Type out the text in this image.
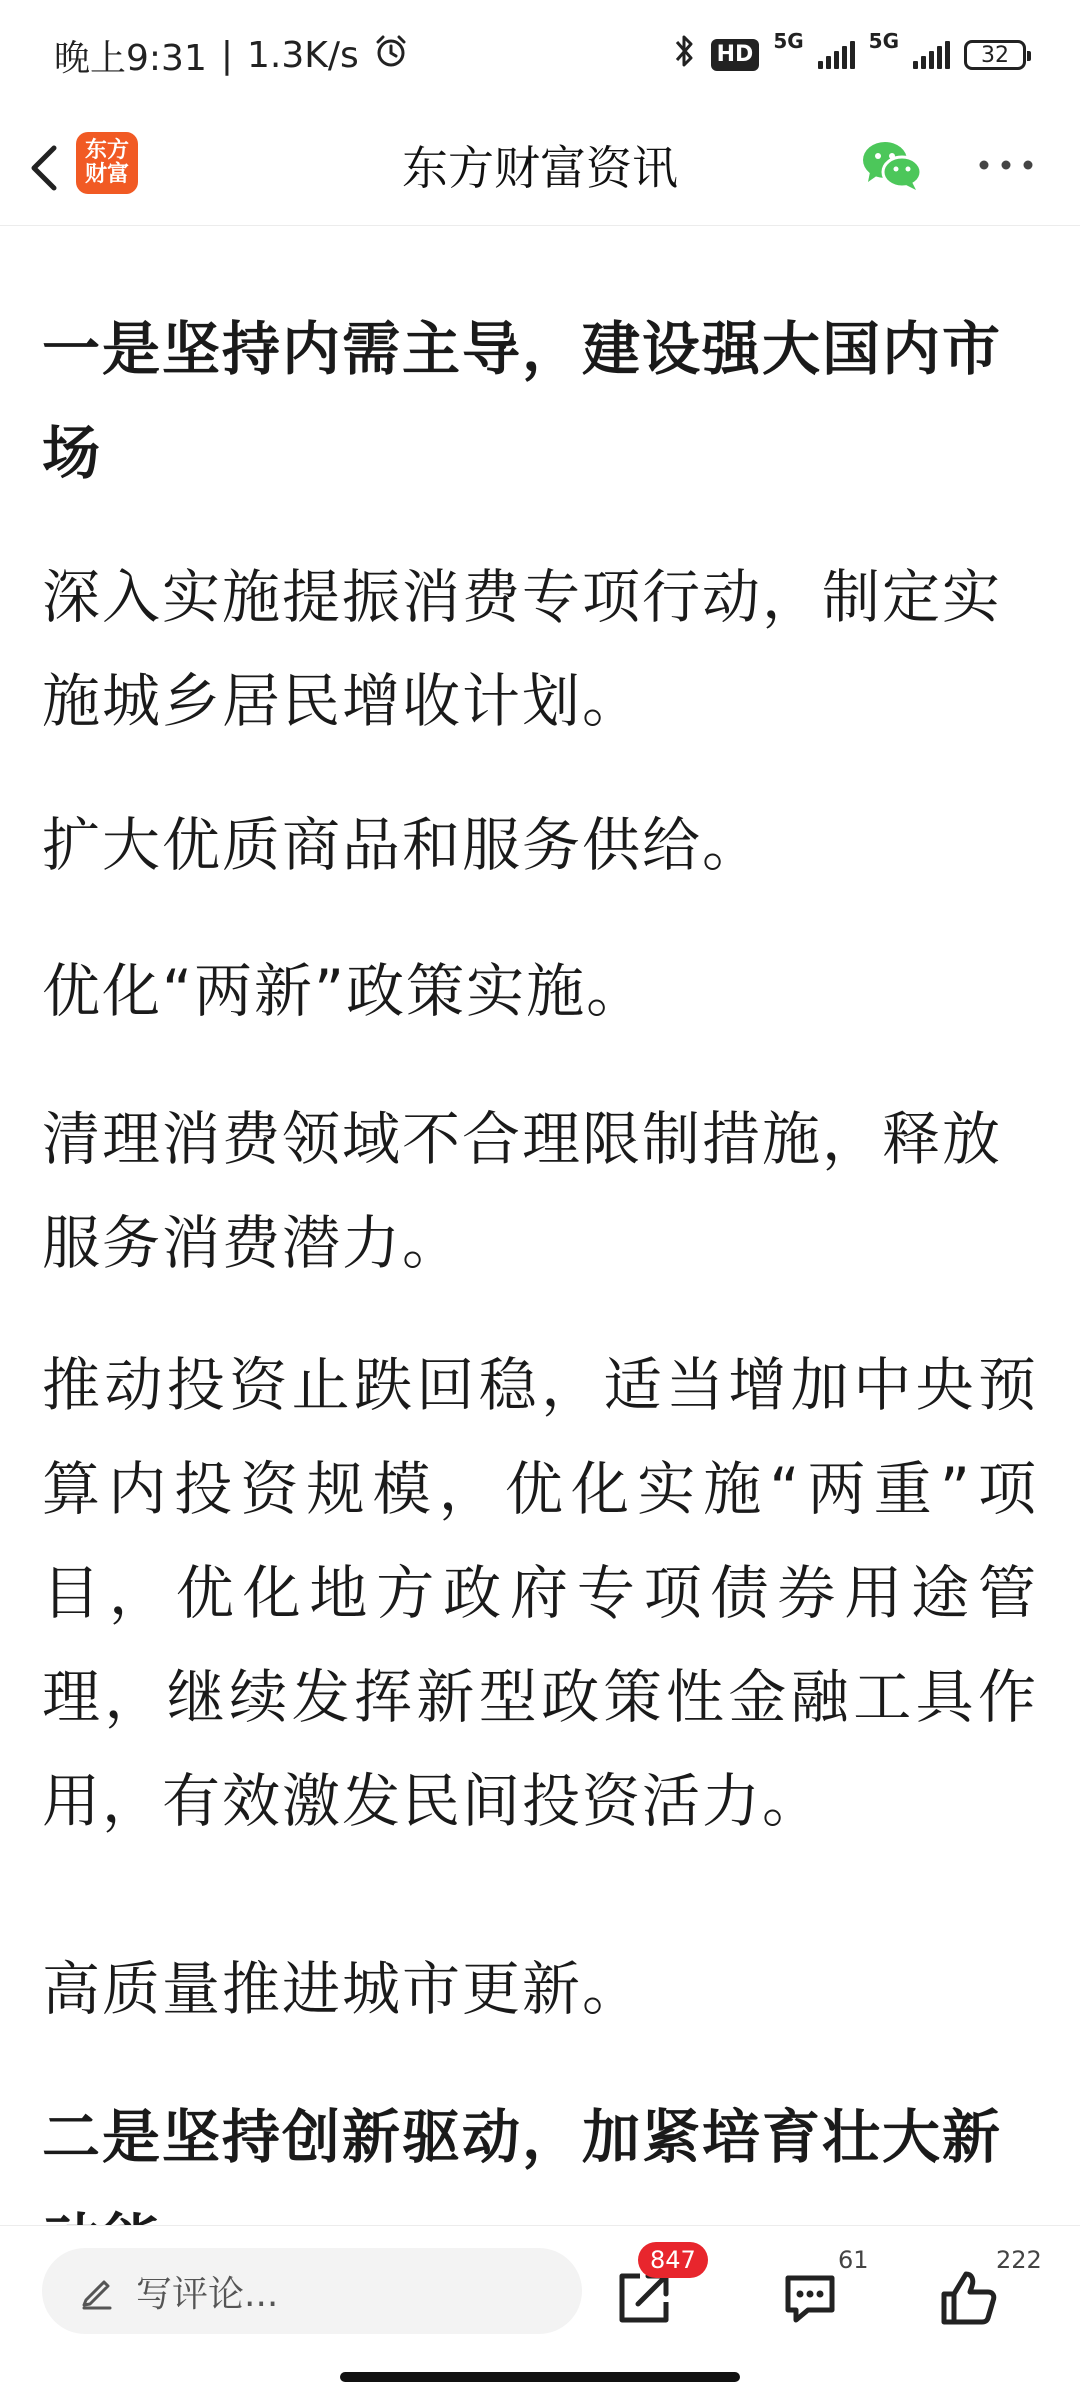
晚上9:31 | 1.3K/s	HD
5G	5G
32
东方财富资讯
东方
财富

一是坚持内需主导，建设强大国内市场

深入实施提振消费专项行动，制定实施城乡居民增收计划。

扩大优质商品和服务供给。

优化“两新”政策实施。

清理消费领域不合理限制措施，释放服务消费潜力。

推动投资止跌回稳，适当增加中央预算内投资规模，优化实施“两重”项目，优化地方政府专项债券用途管理，继续发挥新型政策性金融工具作用，有效激发民间投资活力。

高质量推进城市更新。

二是坚持创新驱动，加紧培育壮大新

写评论...
847	61	222
